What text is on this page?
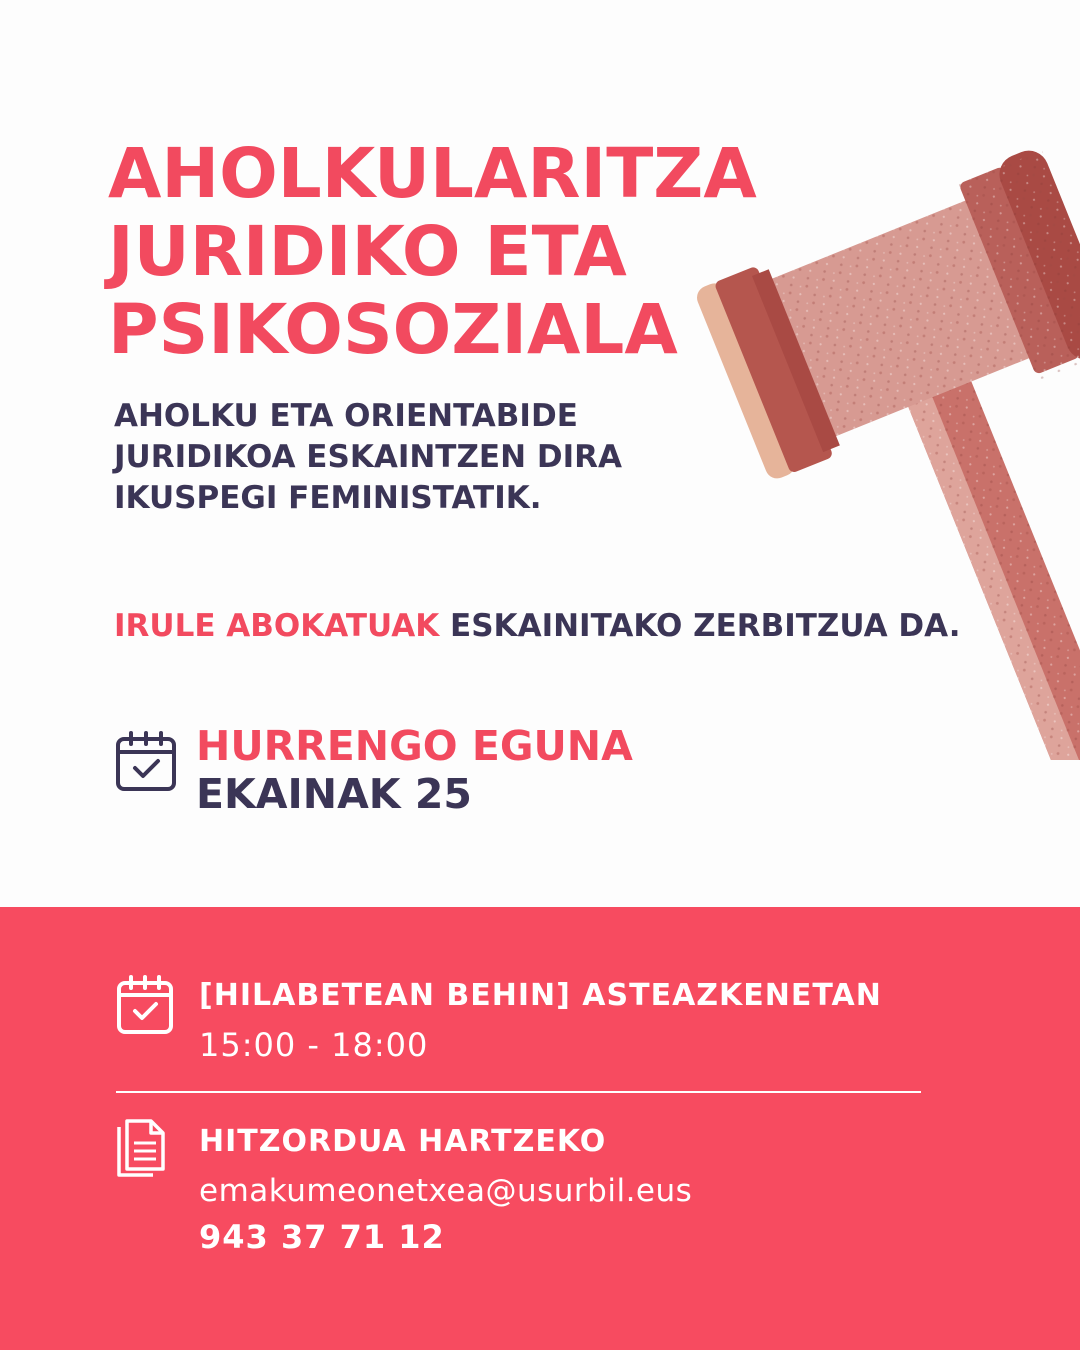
AHOLKULARITZA
JURIDIKO ETA
PSIKOSOZIALA
AHOLKU ETA ORIENTABIDE
JURIDIKOA ESKAINTZEN DIRA
IKUSPEGI FEMINISTATIK.
IRULE ABOKATUAK ESKAINITAKO ZERBITZUA DA.
HURRENGO EGUNA
EKAINAK 25
[HILABETEAN BEHIN] ASTEAZKENETAN
15:00 - 18:00
HITZORDUA HARTZEKO
emakumeonetxea@usurbil.eus
943 37 71 12
